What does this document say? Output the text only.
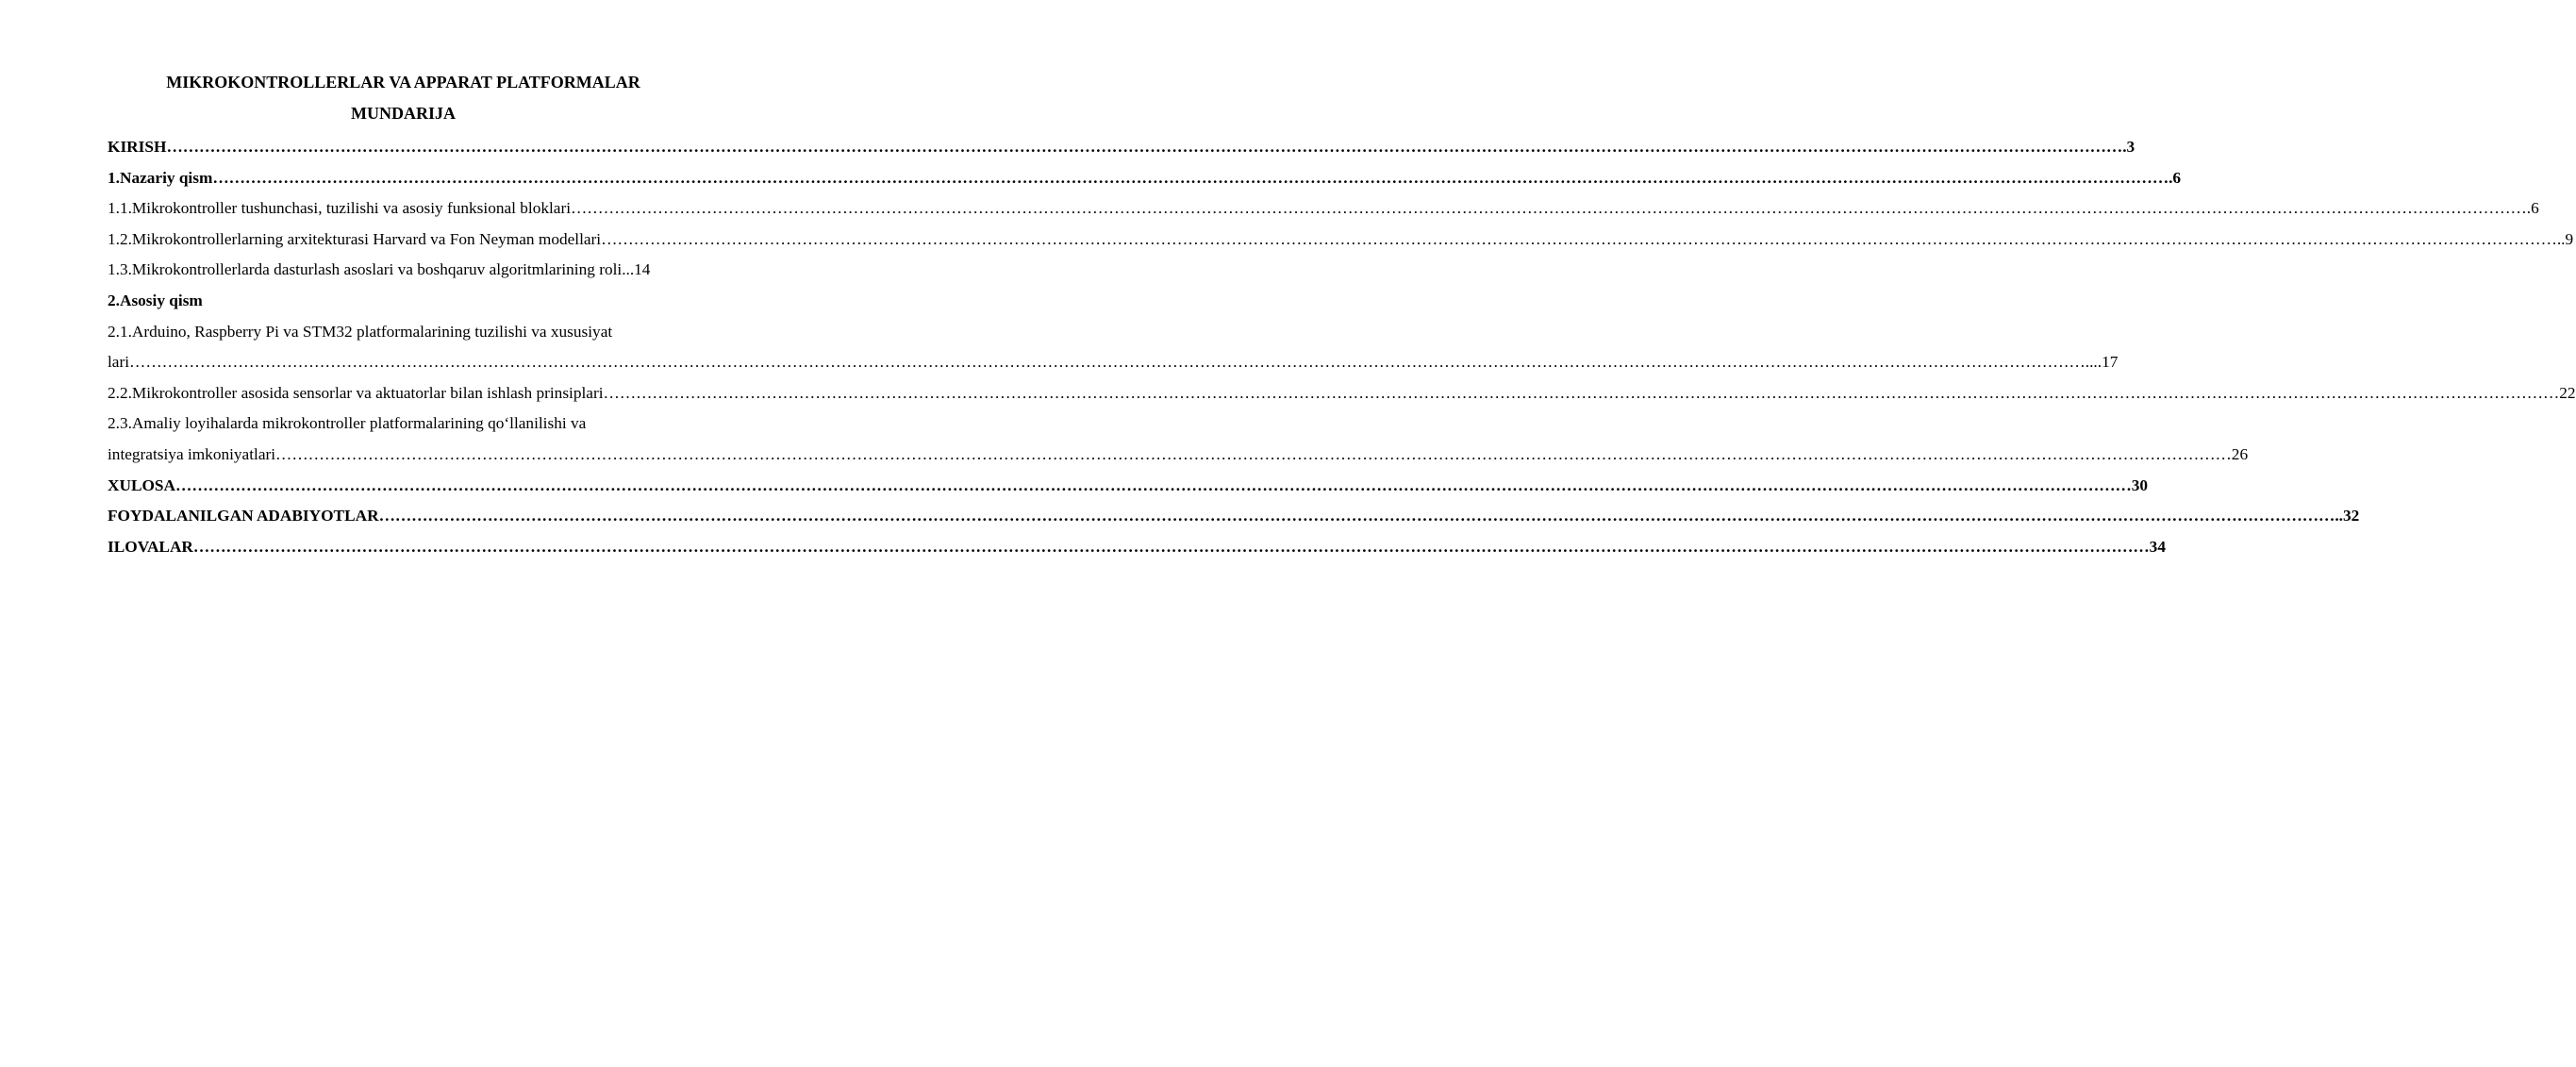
MIKROKONTROLLERLAR VA APPARAT PLATFORMALAR
MUNDARIJA
KIRISH ……………………………………………………………………………………………………………………………………………………………………………………………………………………………………………………………………………………………………………………………… .3
1.Nazariy qism ……………………………………………………………………………………………………………………………………………………………………………………………………………………………………………………………………………………………………………………………… .6
1.1.Mikrokontroller tushunchasi, tuzilishi va asosiy funksional bloklari ……………………………………………………………………………………………………………………………………………………………………………………………………………………………………………………………………………………………………………………………… .6
1.2.Mikrokontrollerlarning arxitekturasi Harvard va Fon Neyman modellari ……………………………………………………………………………………………………………………………………………………………………………………………………………………………………………………………………………………………………………………………… ..9
1.3.Mikrokontrollerlarda dasturlash asoslari va boshqaruv algoritmlarining roli ...14
2.Asosiy qism
2.1.Arduino, Raspberry Pi va STM32 platformalarining tuzilishi va xususiyat
lari ……………………………………………………………………………………………………………………………………………………………………………………………………………………………………………………………………………………………………………………………… ....17
2.2.Mikrokontroller asosida sensorlar va aktuatorlar bilan ishlash prinsiplari ……………………………………………………………………………………………………………………………………………………………………………………………………………………………………………………………………………………………………………………………… 22
2.3.Amaliy loyihalarda mikrokontroller platformalarining qo‘llanilishi va
integratsiya imkoniyatlari ……………………………………………………………………………………………………………………………………………………………………………………………………………………………………………………………………………………………………………………………… 26
XULOSA ……………………………………………………………………………………………………………………………………………………………………………………………………………………………………………………………………………………………………………………………… 30
FOYDALANILGAN ADABIYOTLAR ……………………………………………………………………………………………………………………………………………………………………………………………………………………………………………………………………………………………………………………………… ..32
ILOVALAR ……………………………………………………………………………………………………………………………………………………………………………………………………………………………………………………………………………………………………………………………… 34
